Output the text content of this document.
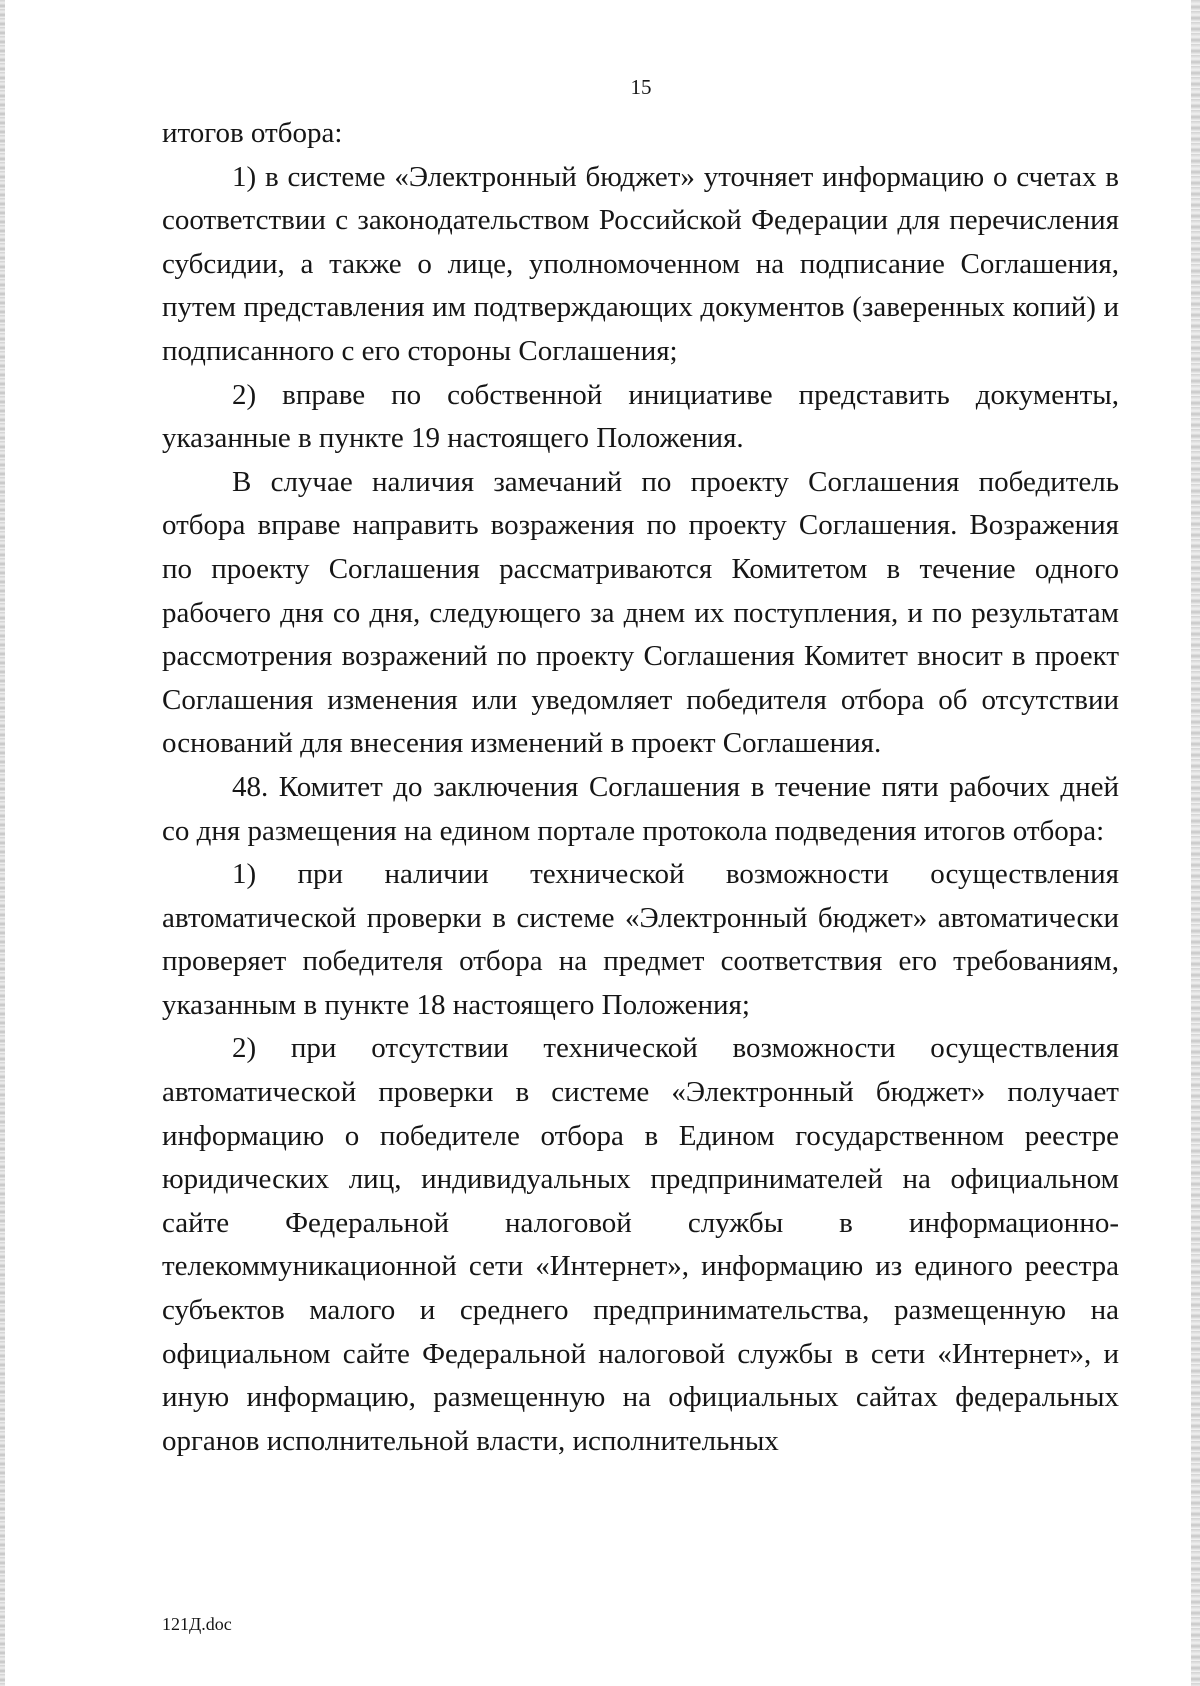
15

итогов отбора:

1) в системе «Электронный бюджет» уточняет информацию о счетах в соответствии с законодательством Российской Федерации для перечисления субсидии, а также о лице, уполномоченном на подписание Соглашения, путем представления им подтверждающих документов (заверенных копий) и подписанного с его стороны Соглашения;

2) вправе по собственной инициативе представить документы, указанные в пункте 19 настоящего Положения.

В случае наличия замечаний по проекту Соглашения победитель отбора вправе направить возражения по проекту Соглашения. Возражения по проекту Соглашения рассматриваются Комитетом в течение одного рабочего дня со дня, следующего за днем их поступления, и по результатам рассмотрения возражений по проекту Соглашения Комитет вносит в проект Соглашения изменения или уведомляет победителя отбора об отсутствии оснований для внесения изменений в проект Соглашения.

48. Комитет до заключения Соглашения в течение пяти рабочих дней со дня размещения на едином портале протокола подведения итогов отбора:

1) при наличии технической возможности осуществления автоматической проверки в системе «Электронный бюджет» автоматически проверяет победителя отбора на предмет соответствия его требованиям, указанным в пункте 18 настоящего Положения;

2) при отсутствии технической возможности осуществления автоматической проверки в системе «Электронный бюджет» получает информацию о победителе отбора в Едином государственном реестре юридических лиц, индивидуальных предпринимателей на официальном сайте Федеральной налоговой службы в информационно-телекоммуникационной сети «Интернет», информацию из единого реестра субъектов малого и среднего предпринимательства, размещенную на официальном сайте Федеральной налоговой службы в сети «Интернет», и иную информацию, размещенную на официальных сайтах федеральных органов исполнительной власти, исполнительных

121Д.doc
